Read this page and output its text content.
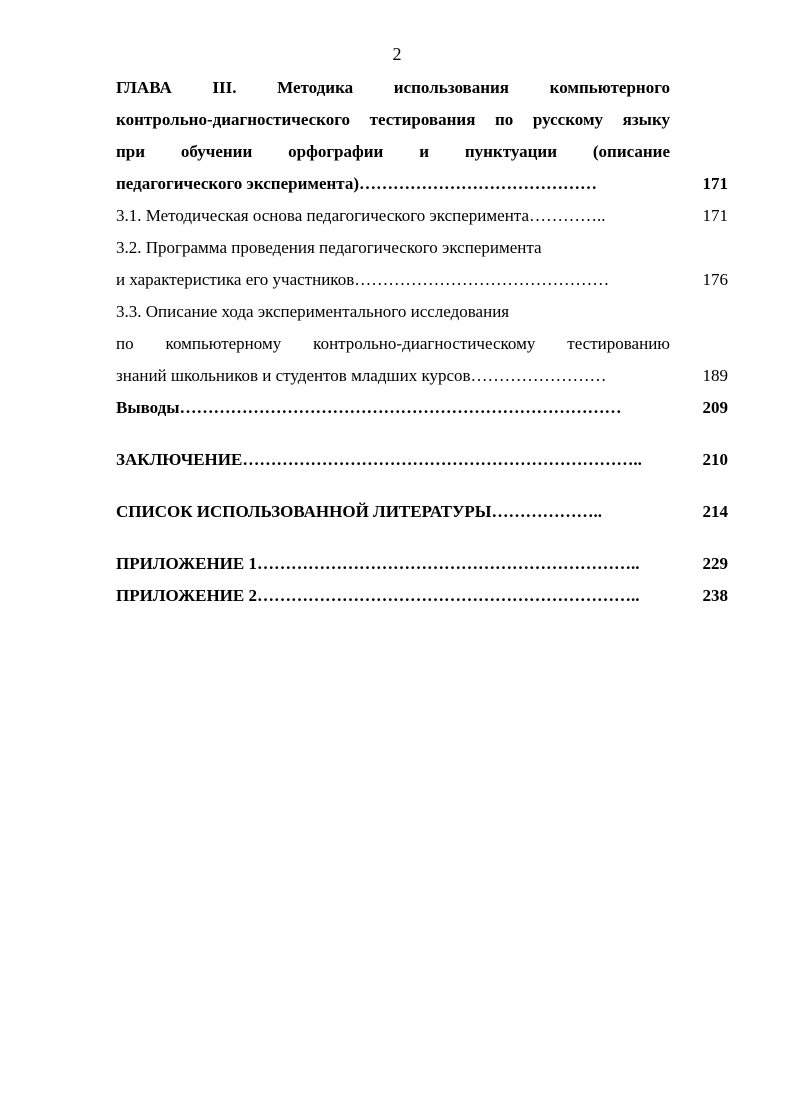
2
ГЛАВА III. Методика использования компьютерного
контрольно-диагностического тестирования по русскому языку
при обучении орфографии и пунктуации (описание
педагогического эксперимента)……………………………………	171
3.1. Методическая основа педагогического эксперимента…………..	171
3.2. Программа проведения педагогического эксперимента
и характеристика его участников………………………………………	176
3.3. Описание хода экспериментального исследования
по компьютерному контрольно-диагностическому тестированию
знаний школьников и студентов младших курсов……………………	189
Выводы……………………………………………………………………	209
ЗАКЛЮЧЕНИЕ……………………………………………………………..	210
СПИСОК ИСПОЛЬЗОВАННОЙ ЛИТЕРАТУРЫ………………..	214
ПРИЛОЖЕНИЕ 1…………………………………………………………..	229
ПРИЛОЖЕНИЕ 2…………………………………………………………..	238
